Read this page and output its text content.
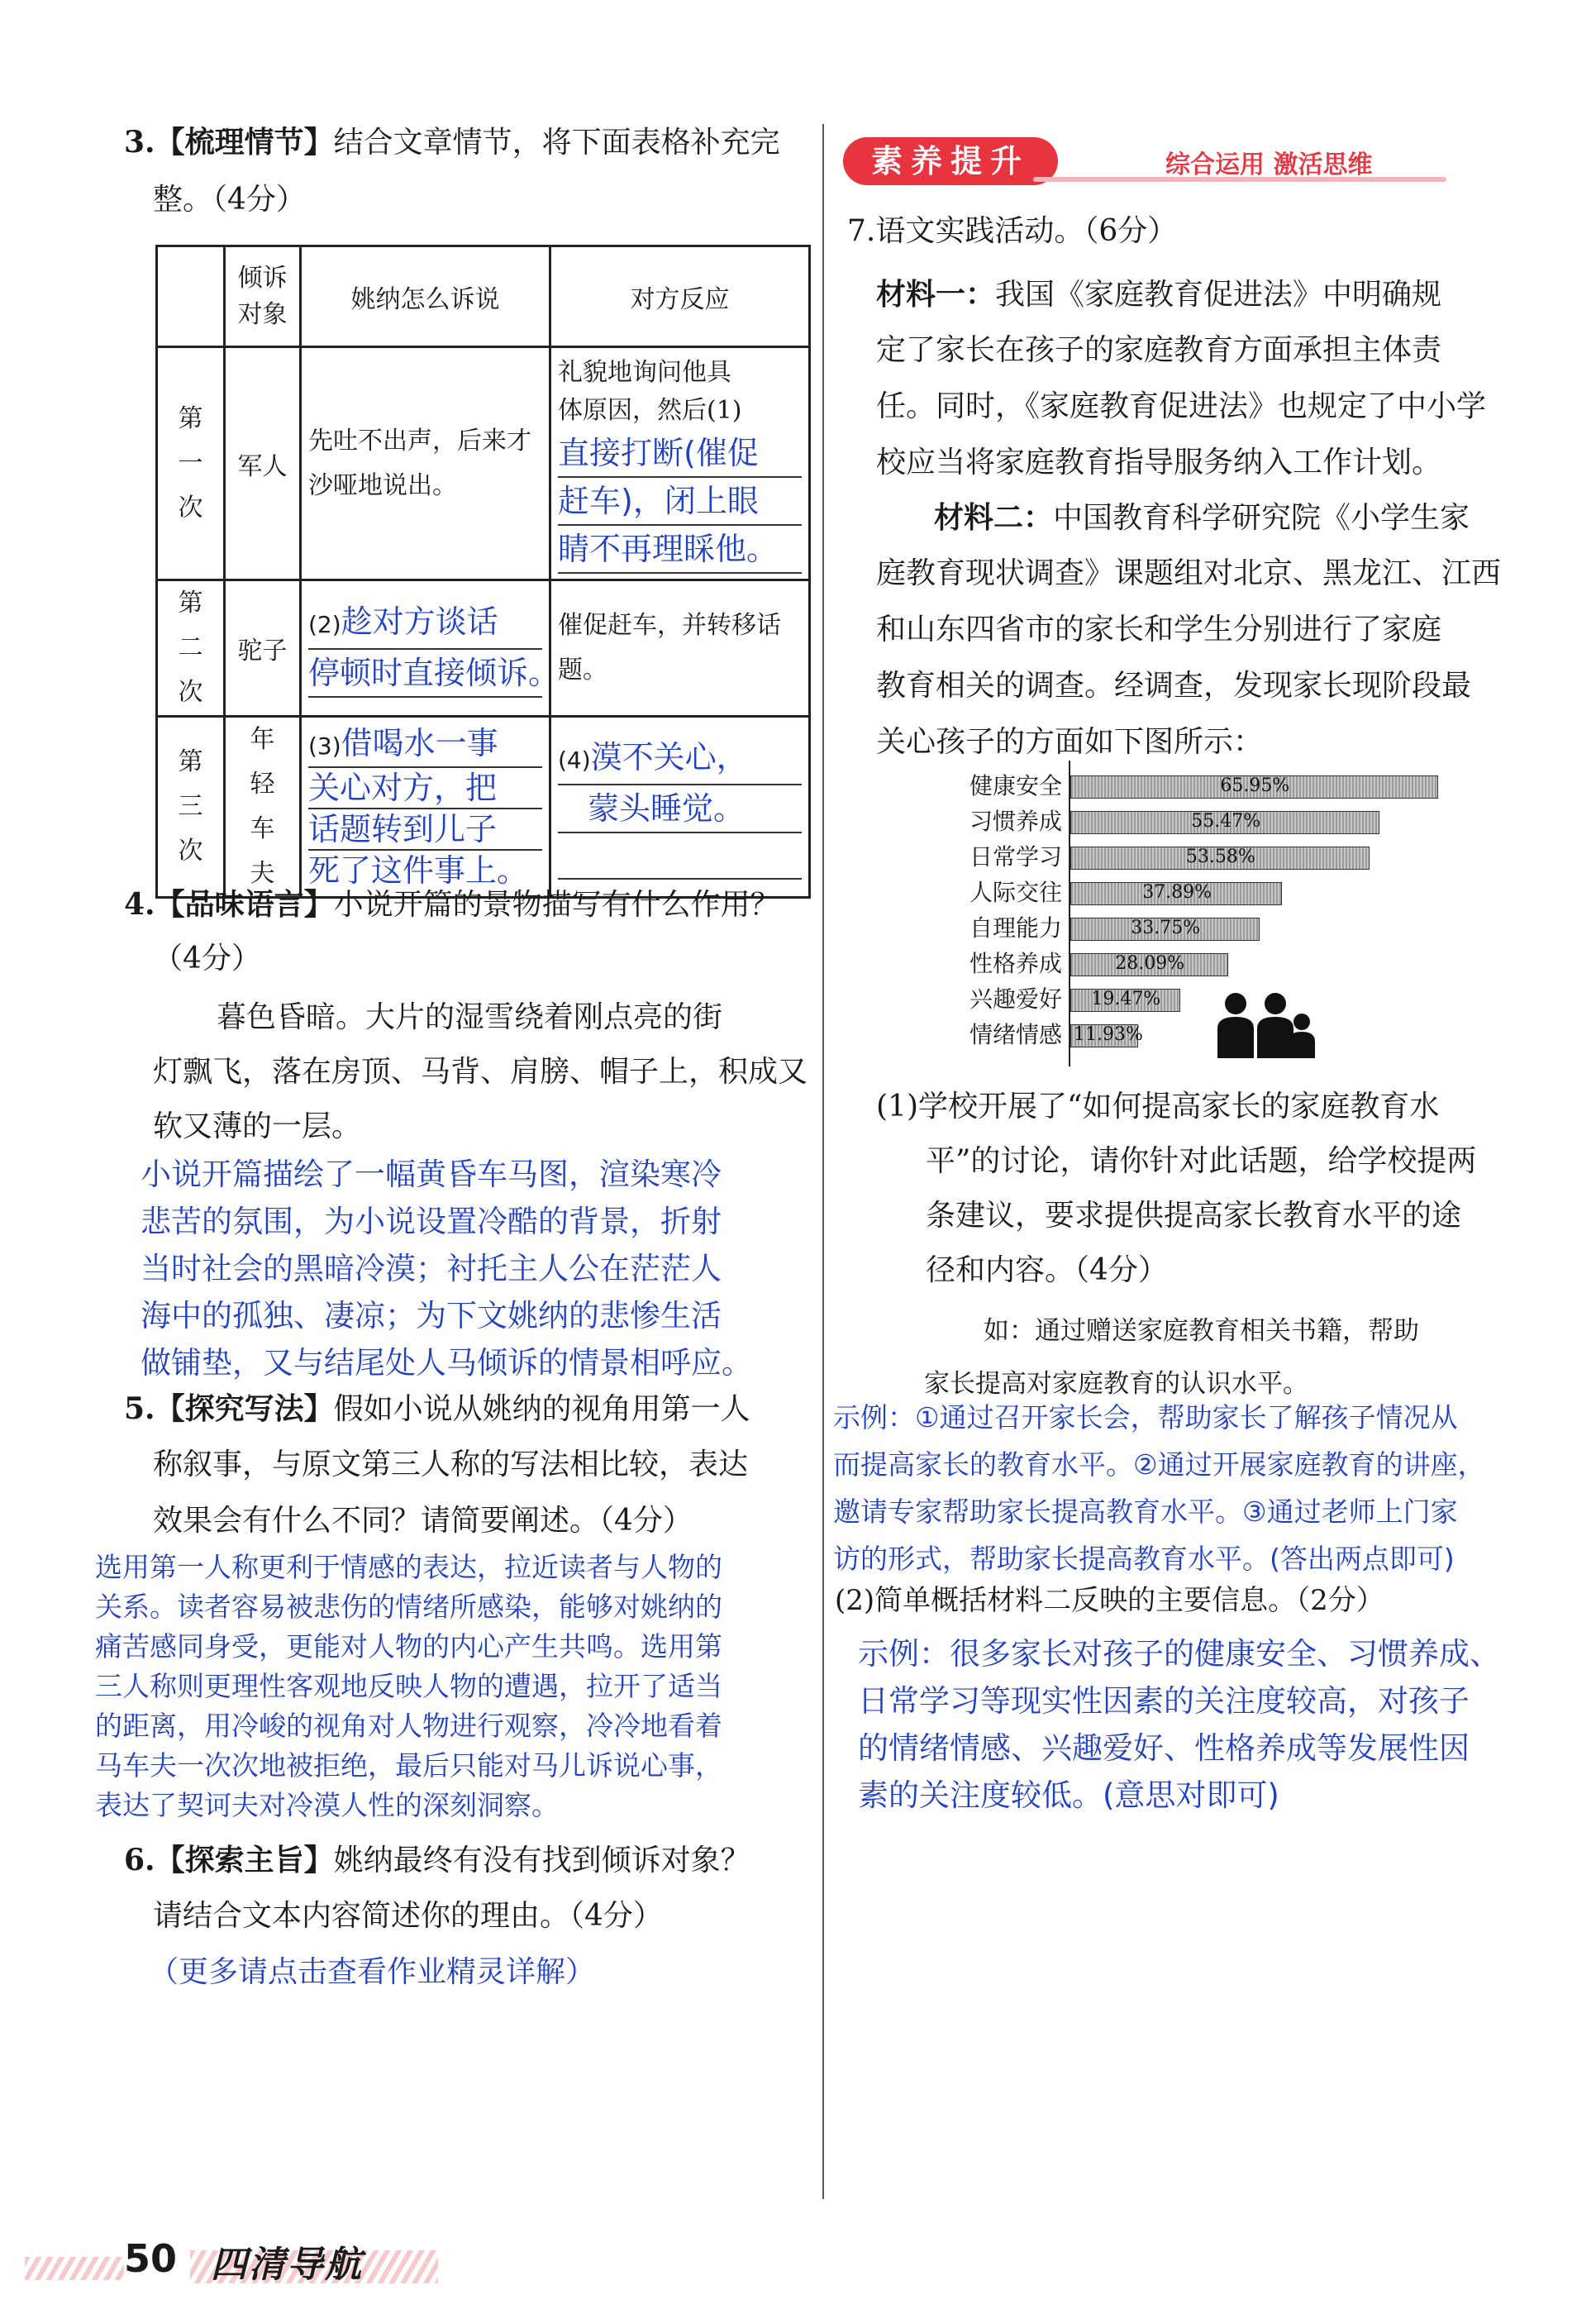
3.【梳理情节】结合文章情节，将下面表格补充完
整。（4分）
	倾诉对象	姚纳怎么诉说	对方反应
第一次	军人	先吐不出声，后来才沙哑地说出。	礼貌地询问他具
体原因，然后(1)
直接打断(催促
赶车)，闭上眼
睛不再理睬他。

第二次	驼子	(2)趁对方谈话
停顿时直接倾诉。	催促赶车，并转移话题。
第三次	年轻车夫	(3)借喝水一事
关心对方，把
话题转到儿子
死了这件事上。	(4)漠不关心，
蒙头睡觉。
4.【品味语言】小说开篇的景物描写有什么作用？
（4分）
暮色昏暗。大片的湿雪绕着刚点亮的街
灯飘飞，落在房顶、马背、肩膀、帽子上，积成又
软又薄的一层。
小说开篇描绘了一幅黄昏车马图，渲染寒冷
悲苦的氛围，为小说设置冷酷的背景，折射
当时社会的黑暗冷漠；衬托主人公在茫茫人
海中的孤独、凄凉；为下文姚纳的悲惨生活
做铺垫，又与结尾处人马倾诉的情景相呼应。
5.【探究写法】假如小说从姚纳的视角用第一人
称叙事，与原文第三人称的写法相比较，表达
效果会有什么不同？请简要阐述。（4分）
选用第一人称更利于情感的表达，拉近读者与人物的
关系。读者容易被悲伤的情绪所感染，能够对姚纳的
痛苦感同身受，更能对人物的内心产生共鸣。选用第
三人称则更理性客观地反映人物的遭遇，拉开了适当
的距离，用冷峻的视角对人物进行观察，冷冷地看着
马车夫一次次地被拒绝，最后只能对马儿诉说心事，
表达了契诃夫对冷漠人性的深刻洞察。
6.【探索主旨】姚纳最终有没有找到倾诉对象？
请结合文本内容简述你的理由。（4分）
（更多请点击查看作业精灵详解）
素养提升	综合运用 激活思维
7.语文实践活动。（6分）
材料一：我国《家庭教育促进法》中明确规
定了家长在孩子的家庭教育方面承担主体责
任。同时，《家庭教育促进法》也规定了中小学
校应当将家庭教育指导服务纳入工作计划。
材料二：中国教育科学研究院《小学生家
庭教育现状调查》课题组对北京、黑龙江、江西
和山东四省市的家长和学生分别进行了家庭
教育相关的调查。经调查，发现家长现阶段最
关心孩子的方面如下图所示：
健康安全	65.95%
习惯养成	55.47%
日常学习	53.58%
人际交往	37.89%
自理能力	33.75%
性格养成	28.09%
兴趣爱好 19.47%
情绪情感 11.93%
(1)学校开展了“如何提高家长的家庭教育水
平”的讨论，请你针对此话题，给学校提两
条建议，要求提供提高家长教育水平的途
径和内容。（4分）
如：通过赠送家庭教育相关书籍，帮助
家长提高对家庭教育的认识水平。
示例：①通过召开家长会，帮助家长了解孩子情况从
而提高家长的教育水平。②通过开展家庭教育的讲座，
邀请专家帮助家长提高教育水平。③通过老师上门家
访的形式，帮助家长提高教育水平。(答出两点即可)
(2)简单概括材料二反映的主要信息。（2分）
示例：很多家长对孩子的健康安全、习惯养成、
日常学习等现实性因素的关注度较高，对孩子
的情绪情感、兴趣爱好、性格养成等发展性因
素的关注度较低。(意思对即可)
50 四清导航
